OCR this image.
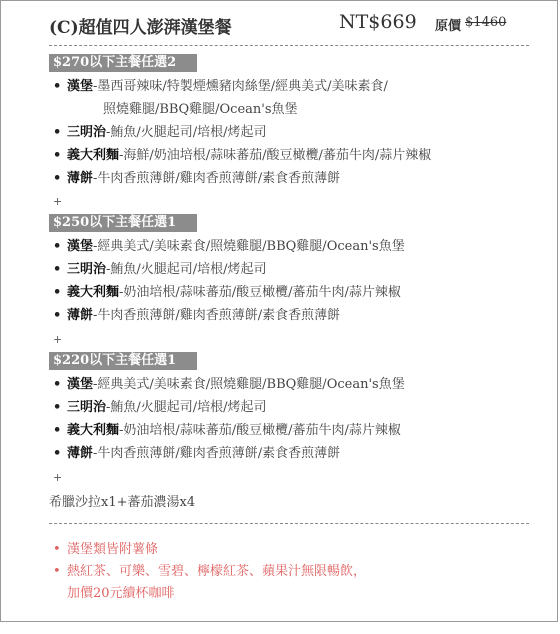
(C)超值四人澎湃漢堡餐	NT$669 原價 $1460
$270以下主餐任選2
• 漢堡-墨西哥辣味/特製煙燻豬肉絲堡/經典美式/美味素食/
照燒雞腿/BBQ雞腿/Ocean's魚堡
• 三明治-鮪魚/火腿起司/培根/烤起司
• 義大利麵-海鮮/奶油培根/蒜味蕃茄/酸豆橄欖/蕃茄牛肉/蒜片辣椒
• 薄餅-牛肉香煎薄餅/雞肉香煎薄餅/素食香煎薄餅
+
$250以下主餐任選1
• 漢堡-經典美式/美味素食/照燒雞腿/BBQ雞腿/Ocean's魚堡
• 三明治-鮪魚/火腿起司/培根/烤起司
• 義大利麵-奶油培根/蒜味蕃茄/酸豆橄欖/蕃茄牛肉/蒜片辣椒
• 薄餅-牛肉香煎薄餅/雞肉香煎薄餅/素食香煎薄餅
+
$220以下主餐任選1
• 漢堡-經典美式/美味素食/照燒雞腿/BBQ雞腿/Ocean's魚堡
• 三明治-鮪魚/火腿起司/培根/烤起司
• 義大利麵-奶油培根/蒜味蕃茄/酸豆橄欖/蕃茄牛肉/蒜片辣椒
• 薄餅-牛肉香煎薄餅/雞肉香煎薄餅/素食香煎薄餅
+
希臘沙拉x1+蕃茄濃湯x4
• 漢堡類皆附薯條
• 熱紅茶、可樂、雪碧、檸檬紅茶、蘋果汁無限暢飲，
加價20元續杯咖啡
